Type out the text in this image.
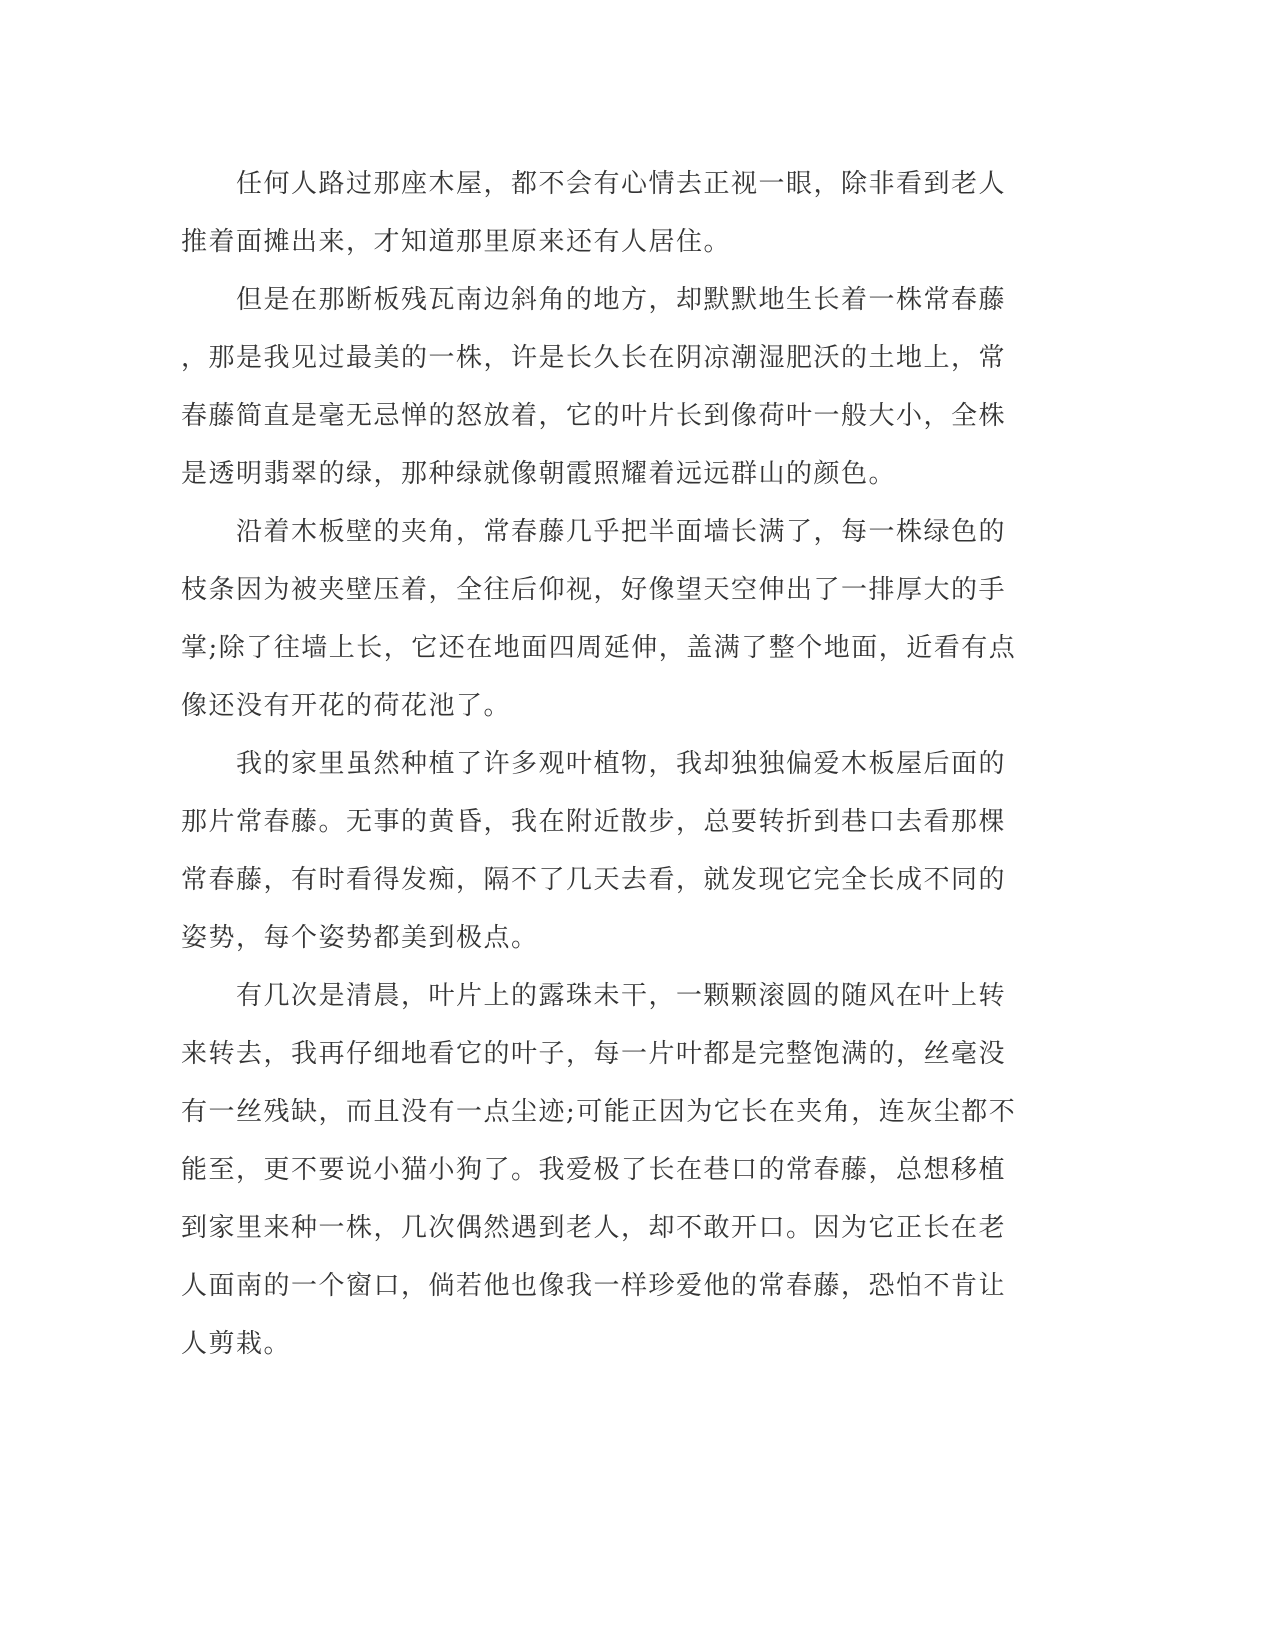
　　任何人路过那座木屋，都不会有心情去正视一眼，除非看到老人
推着面摊出来，才知道那里原来还有人居住。
　　但是在那断板残瓦南边斜角的地方，却默默地生长着一株常春藤
，那是我见过最美的一株，许是长久长在阴凉潮湿肥沃的土地上，常
春藤简直是毫无忌惮的怒放着，它的叶片长到像荷叶一般大小，全株
是透明翡翠的绿，那种绿就像朝霞照耀着远远群山的颜色。
　　沿着木板壁的夹角，常春藤几乎把半面墙长满了，每一株绿色的
枝条因为被夹壁压着，全往后仰视，好像望天空伸出了一排厚大的手
掌;除了往墙上长，它还在地面四周延伸，盖满了整个地面，近看有点
像还没有开花的荷花池了。
　　我的家里虽然种植了许多观叶植物，我却独独偏爱木板屋后面的
那片常春藤。无事的黄昏，我在附近散步，总要转折到巷口去看那棵
常春藤，有时看得发痴，隔不了几天去看，就发现它完全长成不同的
姿势，每个姿势都美到极点。
　　有几次是清晨，叶片上的露珠未干，一颗颗滚圆的随风在叶上转
来转去，我再仔细地看它的叶子，每一片叶都是完整饱满的，丝毫没
有一丝残缺，而且没有一点尘迹;可能正因为它长在夹角，连灰尘都不
能至，更不要说小猫小狗了。我爱极了长在巷口的常春藤，总想移植
到家里来种一株，几次偶然遇到老人，却不敢开口。因为它正长在老
人面南的一个窗口，倘若他也像我一样珍爱他的常春藤，恐怕不肯让
人剪栽。
